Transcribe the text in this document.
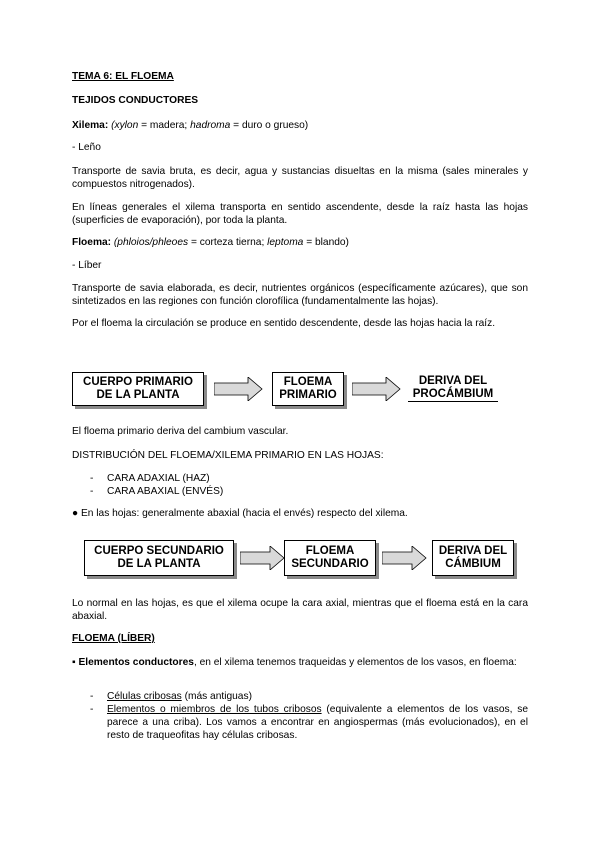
TEMA 6: EL FLOEMA

TEJIDOS CONDUCTORES

Xilema: (xylon = madera; hadroma = duro o grueso)

- Leño

Transporte de savia bruta, es decir, agua y sustancias disueltas en la misma (sales minerales y compuestos nitrogenados).

En líneas generales el xilema transporta en sentido ascendente, desde la raíz hasta las hojas (superficies de evaporación), por toda la planta.

Floema: (phloios/phleoes = corteza tierna; leptoma = blando)

- Líber

Transporte de savia elaborada, es decir, nutrientes orgánicos (específicamente azúcares), que son sintetizados en las regiones con función clorofílica (fundamentalmente las hojas).

Por el floema la circulación se produce en sentido descendente, desde las hojas hacia la raíz.

CUERPO PRIMARIO
DE LA PLANTA
FLOEMA
PRIMARIO
DERIVA DEL
PROCÁMBIUM

El floema primario deriva del cambium vascular.

DISTRIBUCIÓN DEL FLOEMA/XILEMA PRIMARIO EN LAS HOJAS:

- CARA ADAXIAL (HAZ)
- CARA ABAXIAL (ENVÉS)

● En las hojas: generalmente abaxial (hacia el envés) respecto del xilema.

CUERPO SECUNDARIO
DE LA PLANTA
FLOEMA
SECUNDARIO
DERIVA DEL
CÁMBIUM

Lo normal en las hojas, es que el xilema ocupe la cara axial, mientras que el floema está en la cara abaxial.

FLOEMA (LÍBER)

▪ Elementos conductores, en el xilema tenemos traqueidas y elementos de los vasos, en floema:

- Células cribosas (más antiguas)
- Elementos o miembros de los tubos cribosos (equivalente a elementos de los vasos, se parece a una criba). Los vamos a encontrar en angiospermas (más evolucionados), en el resto de traqueofitas hay células cribosas.
